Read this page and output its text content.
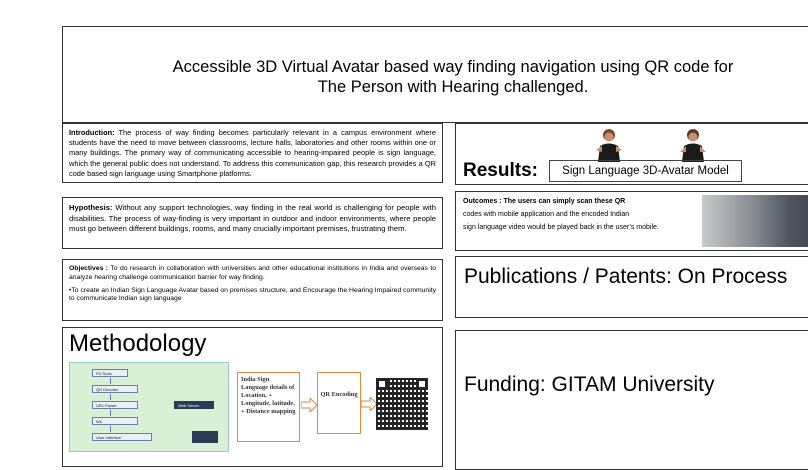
Accessible 3D Virtual Avatar based way finding navigation using QR code for
The Person with Hearing challenged.
Introduction: The process of way finding becomes particularly relevant in a campus environment where students have the need to move between classrooms, lecture halls, laboratories and other rooms within one or many buildings. The primary way of communicating accessible to hearing-impaired people is sign language, which the general public does not understand. To address this communication gap, this research provides a QR code based sign language using Smartphone platforms.
Hypothesis: Without any support technologies, way finding in the real world is challenging for people with disabilities. The process of way-finding is very important in outdoor and indoor environments, where people must go between different buildings, rooms, and many crucially important premises, frustrating them.

Objectives : To do research in collaboration with universities and other educational institutions in India and overseas to analyze hearing challenge communication barrier for way finding.

•To create an Indian Sign Language Avatar based on premises structure, and Encourage the Hearing Impaired community to communicate Indian sign language

Methodology
PU Scan
QR Decoder
URL Parser	Web Server
Ws
User Interface
India Sign Language details of Location, + Longitude, latitude, + Distance mapping
QR Encoding
Results:	Sign Language 3D-Avatar Model
Outcomes : The users can simply scan these QR
codes with mobile application and the encoded Indian
sign language video would be played back in the user’s mobile.
Publications / Patents: On Process
Funding: GITAM University
